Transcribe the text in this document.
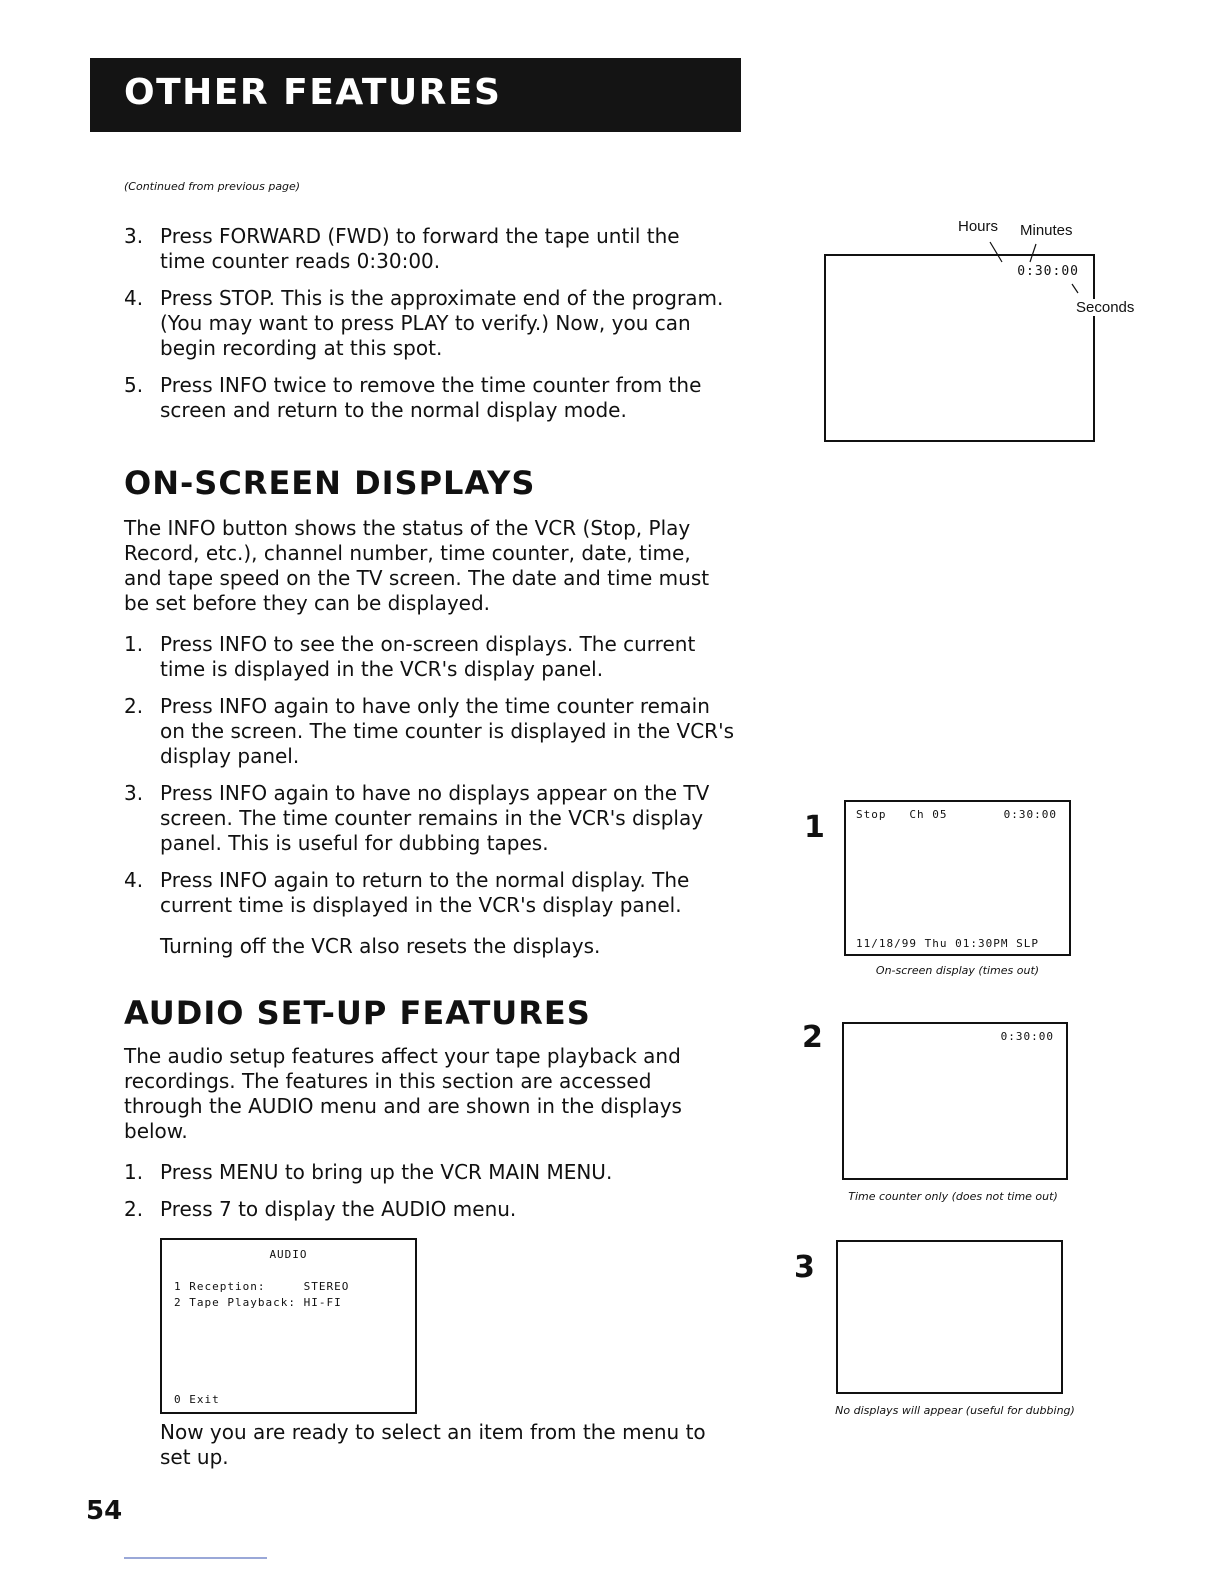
OTHER FEATURES
(Continued from previous page)
3. Press FORWARD (FWD) to forward the tape until the time counter reads 0:30:00.
4. Press STOP. This is the approximate end of the program. (You may want to press PLAY to verify.) Now, you can begin recording at this spot.
5. Press INFO twice to remove the time counter from the screen and return to the normal display mode.
Hours Minutes
0:30:00
Seconds
ON-SCREEN DISPLAYS

The INFO button shows the status of the VCR (Stop, Play Record, etc.), channel number, time counter, date, time, and tape speed on the TV screen. The date and time must be set before they can be displayed.

1. Press INFO to see the on-screen displays. The current time is displayed in the VCR's display panel.
2. Press INFO again to have only the time counter remain on the screen. The time counter is displayed in the VCR's display panel.
3. Press INFO again to have no displays appear on the TV screen. The time counter remains in the VCR's display panel. This is useful for dubbing tapes.
4. Press INFO again to return to the normal display. The current time is displayed in the VCR's display panel.

Turning off the VCR also resets the displays.

1	Stop   Ch 05	0:30:00
11/18/99 Thu 01:30PM SLP
On-screen display (times out)
2	0:30:00
Time counter only (does not time out)
3
No displays will appear (useful for dubbing)
AUDIO SET-UP FEATURES

The audio setup features affect your tape playback and recordings. The features in this section are accessed through the AUDIO menu and are shown in the displays below.

1. Press MENU to bring up the VCR MAIN MENU.
2. Press 7 to display the AUDIO menu.
AUDIO
1 Reception:     STEREO
2 Tape Playback: HI-FI
0 Exit

Now you are ready to select an item from the menu to set up.

54
